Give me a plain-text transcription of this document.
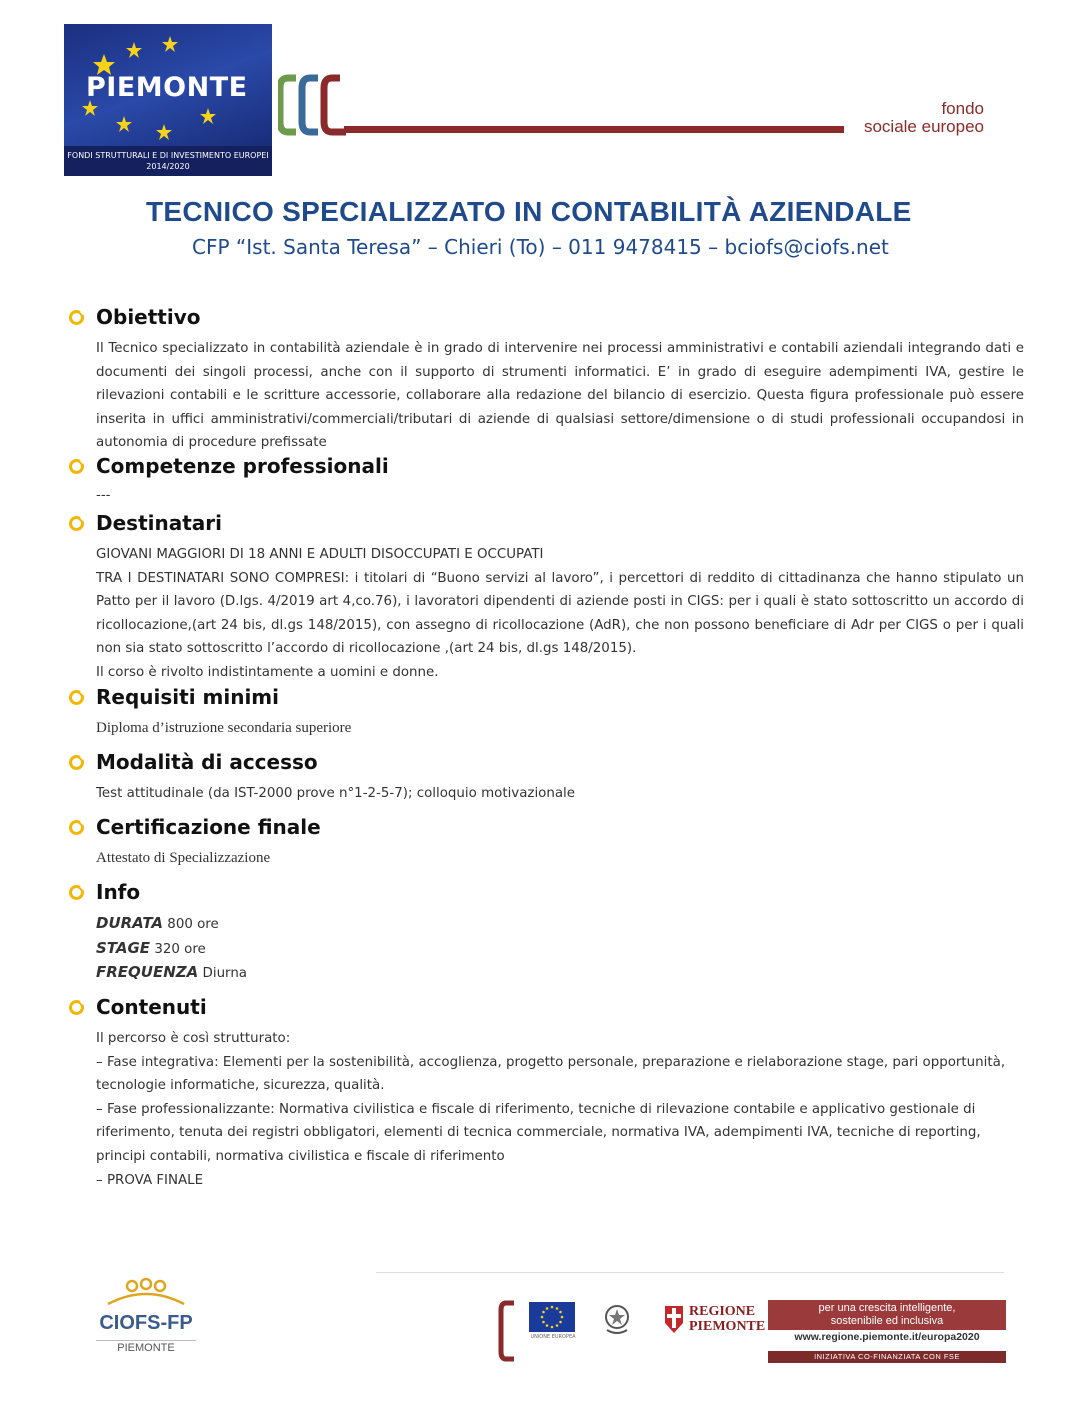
PIEMONTE
FONDI STRUTTURALI E DI INVESTIMENTO EUROPEI 2014/2020
fondo
sociale europeo
TECNICO SPECIALIZZATO IN CONTABILITÀ AZIENDALE
CFP “Ist. Santa Teresa” – Chieri (To) – 011 9478415 – bciofs@ciofs.net
Obiettivo
Il Tecnico specializzato in contabilità aziendale è in grado di intervenire nei processi amministrativi e contabili aziendali integrando dati e documenti dei singoli processi, anche con il supporto di strumenti informatici. E’ in grado di eseguire adempimenti IVA, gestire le rilevazioni contabili e le scritture accessorie, collaborare alla redazione del bilancio di esercizio. Questa figura professionale può essere inserita in uffici amministrativi/commerciali/tributari di aziende di qualsiasi settore/dimensione o di studi professionali occupandosi in autonomia di procedure prefissate
Competenze professionali
---
Destinatari
GIOVANI MAGGIORI DI 18 ANNI E ADULTI DISOCCUPATI E OCCUPATI
TRA I DESTINATARI SONO COMPRESI: i titolari di “Buono servizi al lavoro”, i percettori di reddito di cittadinanza che hanno stipulato un Patto per il lavoro (D.lgs. 4/2019 art 4,co.76), i lavoratori dipendenti di aziende posti in CIGS: per i quali è stato sottoscritto un accordo di ricollocazione,(art 24 bis, dl.gs 148/2015), con assegno di ricollocazione (AdR), che non possono beneficiare di Adr per CIGS o per i quali non sia stato sottoscritto l’accordo di ricollocazione ,(art 24 bis, dl.gs 148/2015).
Il corso è rivolto indistintamente a uomini e donne.
Requisiti minimi
Diploma d’istruzione secondaria superiore
Modalità di accesso
Test attitudinale (da IST-2000 prove n°1-2-5-7); colloquio motivazionale
Certificazione finale
Attestato di Specializzazione
Info
DURATA 800 ore
STAGE 320 ore
FREQUENZA Diurna
Contenuti
Il percorso è così strutturato:
– Fase integrativa: Elementi per la sostenibilità, accoglienza, progetto personale, preparazione e rielaborazione stage, pari opportunità, tecnologie informatiche, sicurezza, qualità.
– Fase professionalizzante: Normativa civilistica e fiscale di riferimento, tecniche di rilevazione contabile e applicativo gestionale di riferimento, tenuta dei registri obbligatori, elementi di tecnica commerciale, normativa IVA, adempimenti IVA, tecniche di reporting, principi contabili, normativa civilistica e fiscale di riferimento
– PROVA FINALE
CIOFS-FP
PIEMONTE
UNIONE EUROPEA
REGIONE
PIEMONTE
per una crescita intelligente,
sostenibile ed inclusiva
www.regione.piemonte.it/europa2020
INIZIATIVA CO-FINANZIATA CON FSE
